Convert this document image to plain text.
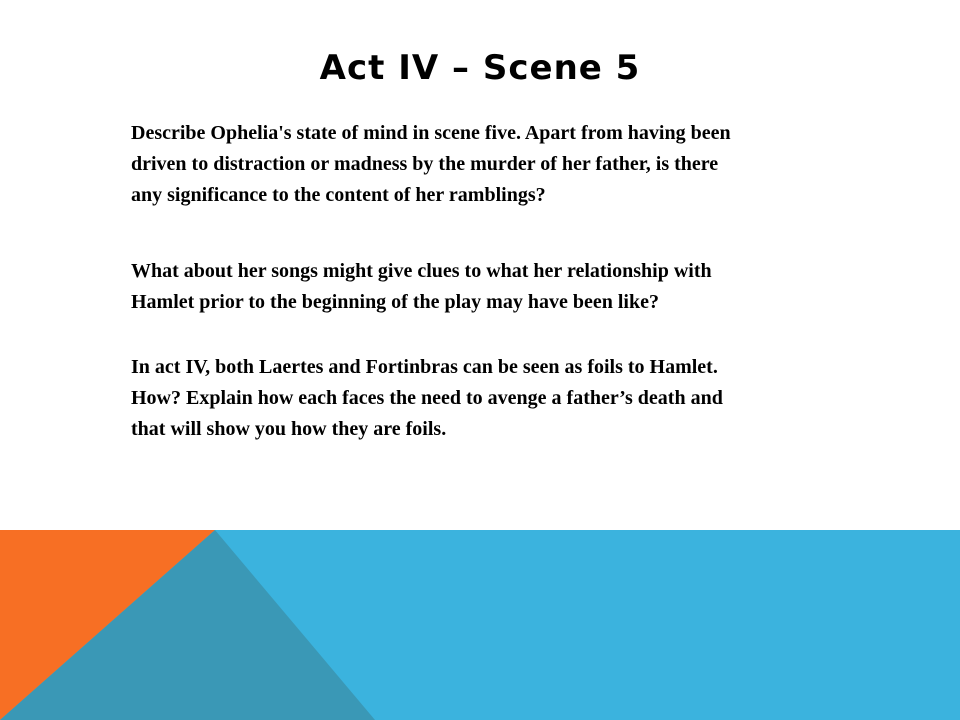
Act IV – Scene 5

Describe Ophelia's state of mind in scene five. Apart from having been
driven to distraction or madness by the murder of her father, is there
any significance to the content of her ramblings?

What about her songs might give clues to what her relationship with
Hamlet prior to the beginning of the play may have been like?

In act IV, both Laertes and Fortinbras can be seen as foils to Hamlet.
How? Explain how each faces the need to avenge a father’s death and
that will show you how they are foils.
